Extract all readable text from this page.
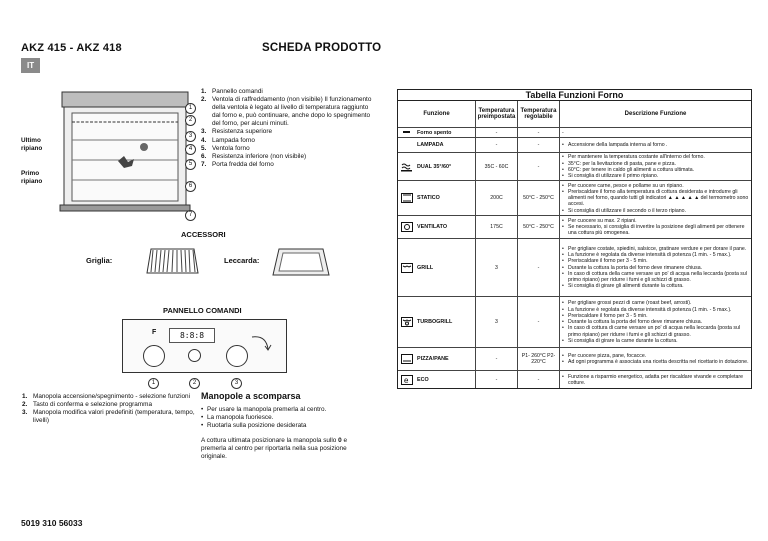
AKZ 415 - AKZ 418	SCHEDA PRODOTTO
IT
Ultimo ripiano
Primo ripiano
1
2
3
4
5
6
7
1. Pannello comandi
2. Ventola di raffreddamento (non visibile) Il funzionamento della ventola è legato al livello di temperatura raggiunto dal forno e, può continuare, anche dopo lo spegnimento del forno, per alcuni minuti.
3. Resistenza superiore
4. Lampada forno
5. Ventola forno
6. Resistenza inferiore (non visibile)
7. Porta fredda del forno
ACCESSORI
Griglia:	Leccarda:
PANNELLO COMANDI
F	8:8:8
1	2	3
1. Manopola accensione/spegnimento - selezione funzioni
2. Tasto di conferma e selezione programma
3. Manopola modifica valori predefiniti (temperatura, tempo, livelli)
Manopole a scomparsa
• Per usare la manopola premerla al centro.
• La manopola fuoriesce.
• Ruotarla sulla posizione desiderata
A cottura ultimata posizionare la manopola sullo 0 e premerla al centro per riportarla nella sua posizione originale.
5019 310 56033
Tabella Funzioni Forno
Funzione
Temperatura preimpostata
Temperatura regolabile
Descrizione Funzione
Forno spento	-	-	-
LAMPADA	-	-
•	Accensione della lampada interna al forno .
DUAL 35°/60°	35C - 60C	-
• Per mantenere la temperatura costante all'interno del forno.
• 35°C: per la lievitazione di pasta, pane e pizza.
• 60°C: per tenere in caldo gli alimenti a cottura ultimata.
• Si consiglia di utilizzare il primo ripiano.
STATICO	200C	50°C - 250°C
• Per cuocere carne, pesce e pollame su un ripiano.
• Preriscaldare il forno alla temperatura di cottura desiderata e introdurre gli alimenti nel forno, quando tutti gli indicatori ▲ ▲ ▲ ▲ ▲ del termometro sono accesi.
• Si consiglia di utilizzare il secondo o il terzo ripiano.
VENTILATO	175C	50°C - 250°C
• Per cuocere su max. 2 ripiani.
• Se necessario, si consiglia di invertire la posizione degli alimenti per ottenere una cottura più omogenea.
GRILL	3	-
• Per grigliare costate, spiedini, salsicce, gratinare verdure e per dorare il pane.
• La funzione è regolata da diverse intensità di potenza (1 min. - 5 max.).
• Preriscaldare il forno per 3 - 5 min.
• Durante la cottura la porta del forno deve rimanere chiusa.
• In caso di cottura della carne versare un po' di acqua nella leccarda (posta sul primo ripiano) per ridurre i fumi e gli schizzi di grasso.
• Si consiglia di girare gli alimenti durante la cottura.
TURBOGRILL	3	-
• Per grigliare grossi pezzi di carne (roast beef, arrosti).
• La funzione è regolata da diverse intensità di potenza (1 min. - 5 max.).
• Preriscaldare il forno per 3 - 5 min.
• Durante la cottura la porta del forno deve rimanere chiusa.
• In caso di cottura di carne versare un po' di acqua nella leccarda (posta sul primo ripiano) per ridurre i fumi e gli schizzi di grasso.
• Si consiglia di girare la carne durante la cottura.
PIZZA/PANE	-
P1- 260°C P2- 220°C
• Per cuocere pizza, pane, focacce.
• Ad ogni programma è associata una ricetta descritta nel ricettario in dotazione.
e ECO	-	-
• Funzione a risparmio energetico, adatta per riscaldare vivande e completare cotture.
